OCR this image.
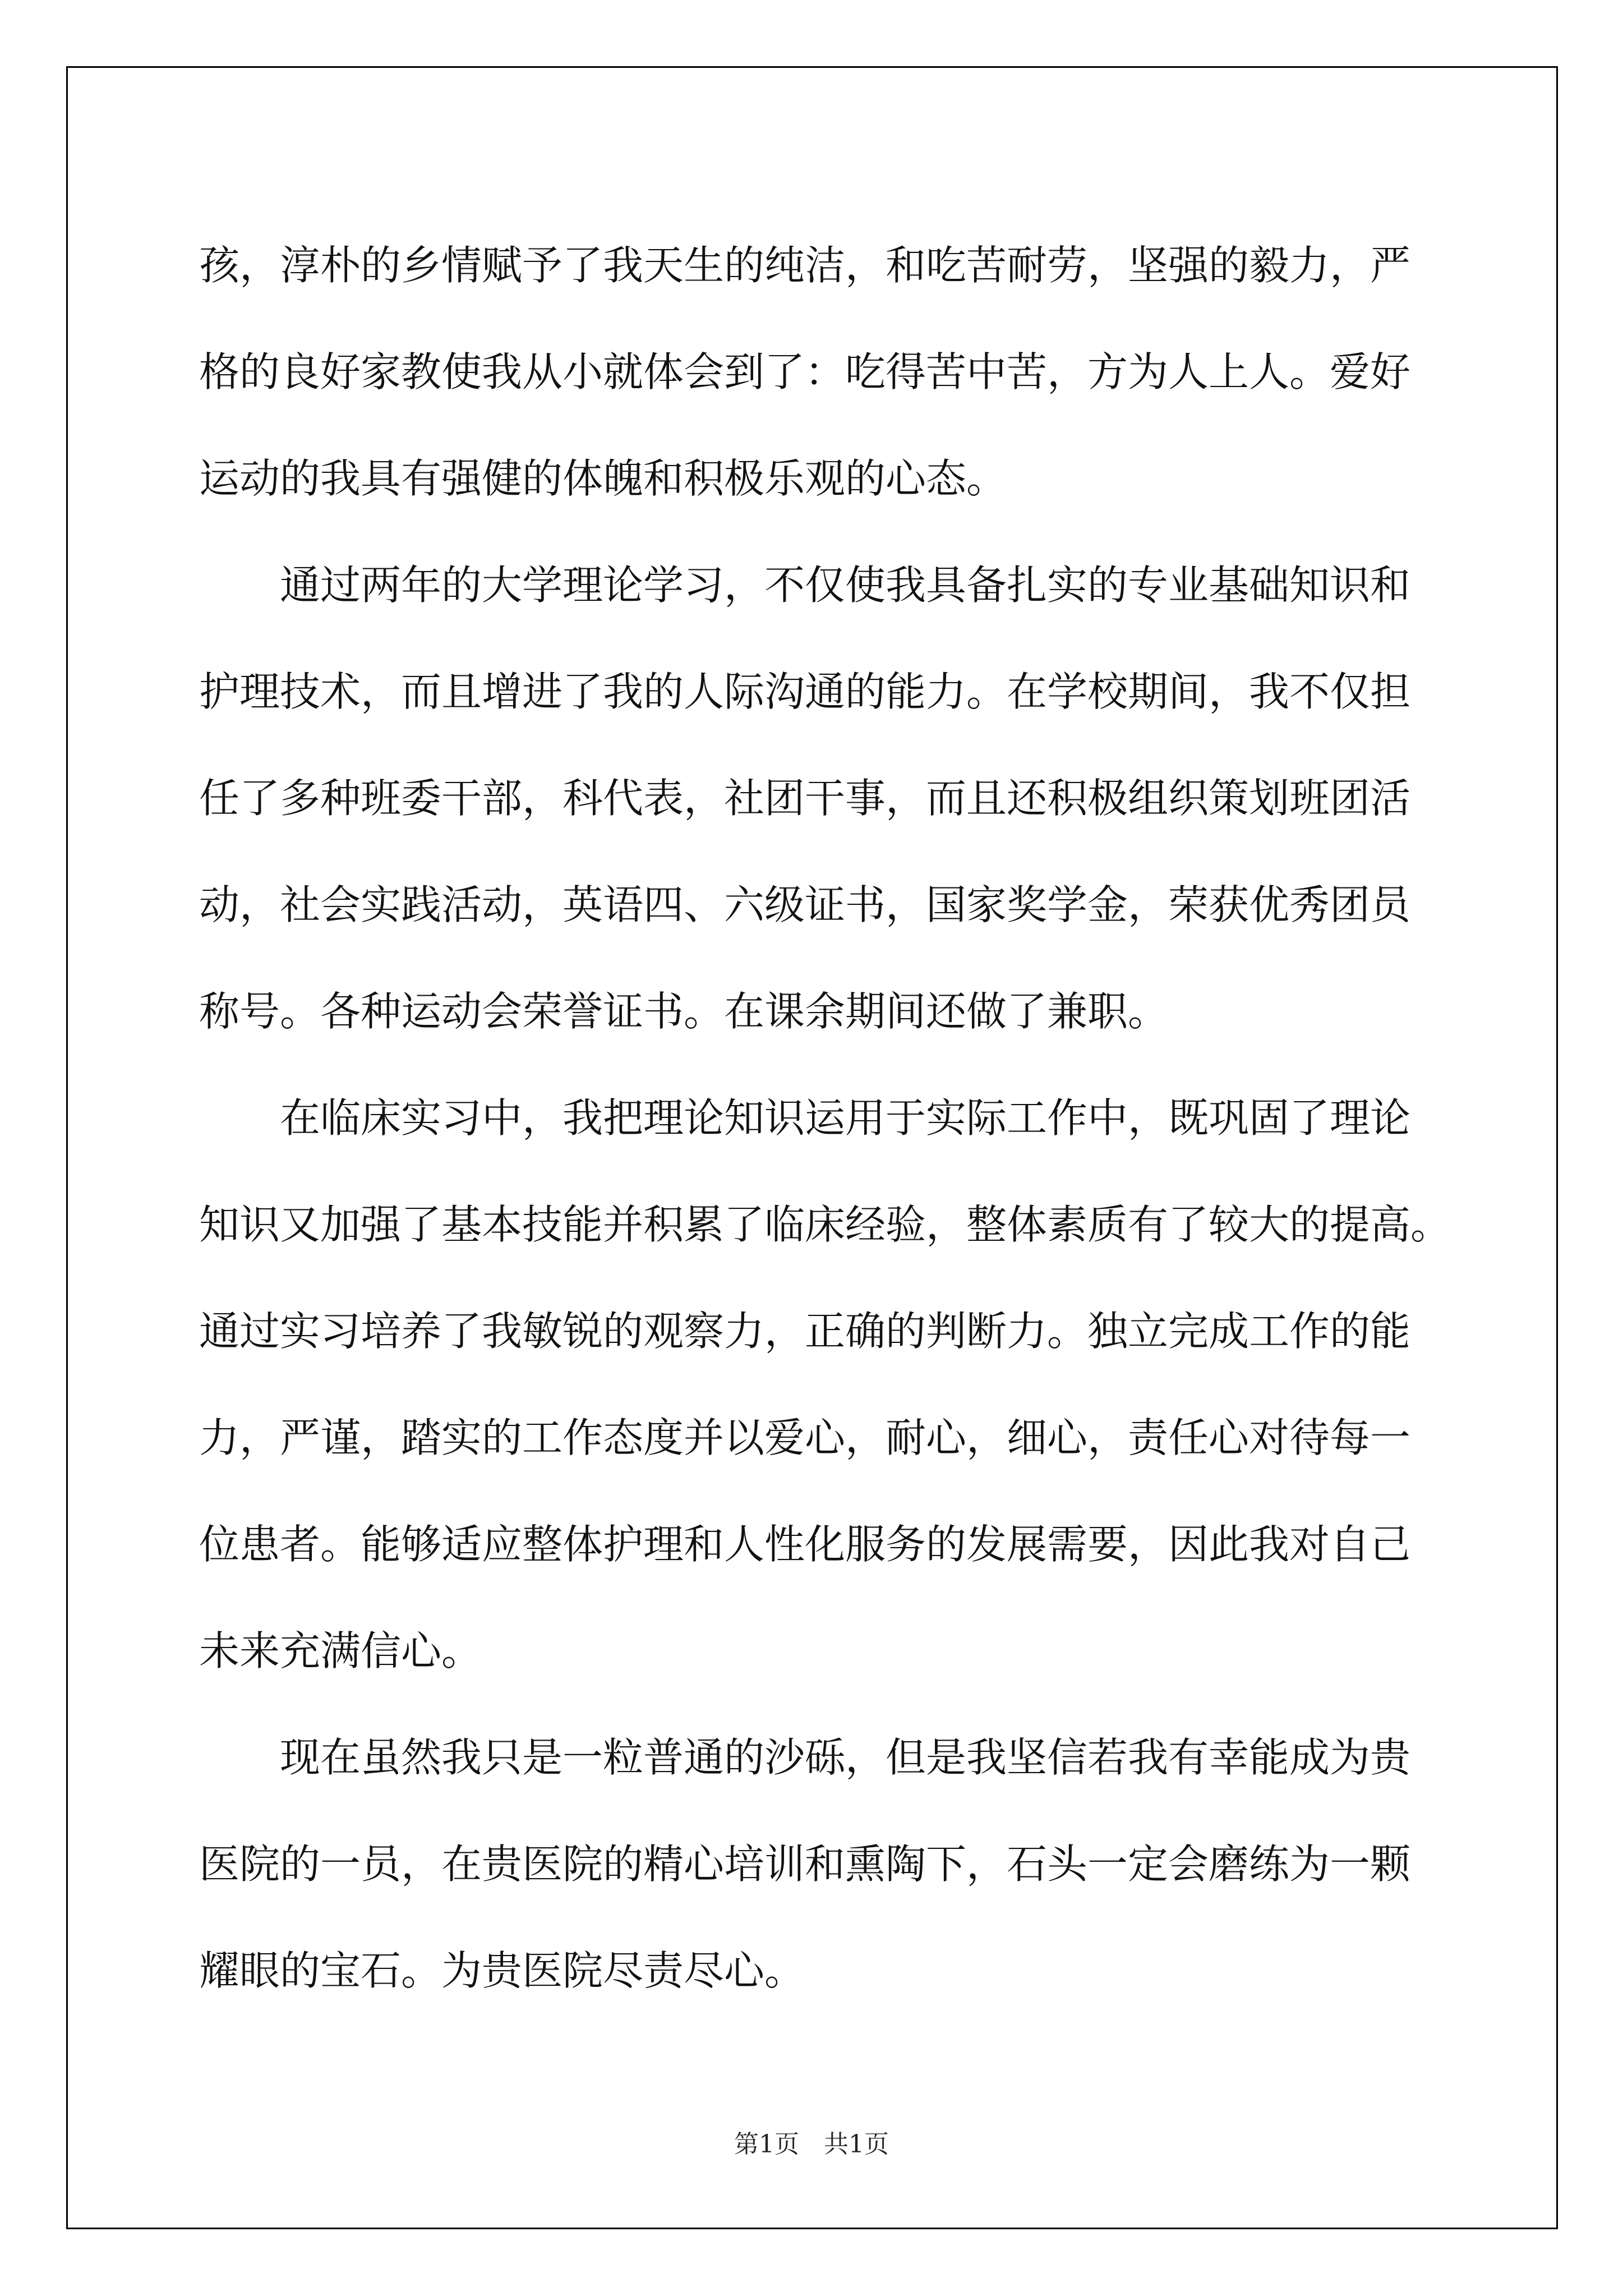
孩，淳朴的乡情赋予了我天生的纯洁，和吃苦耐劳，坚强的毅力，严
格的良好家教使我从小就体会到了：吃得苦中苦，方为人上人。爱好
运动的我具有强健的体魄和积极乐观的心态。
　　通过两年的大学理论学习，不仅使我具备扎实的专业基础知识和
护理技术，而且增进了我的人际沟通的能力。在学校期间，我不仅担
任了多种班委干部，科代表，社团干事，而且还积极组织策划班团活
动，社会实践活动，英语四、六级证书，国家奖学金，荣获优秀团员
称号。各种运动会荣誉证书。在课余期间还做了兼职。
　　在临床实习中，我把理论知识运用于实际工作中，既巩固了理论
知识又加强了基本技能并积累了临床经验，整体素质有了较大的提高。
通过实习培养了我敏锐的观察力，正确的判断力。独立完成工作的能
力，严谨，踏实的工作态度并以爱心，耐心，细心，责任心对待每一
位患者。能够适应整体护理和人性化服务的发展需要，因此我对自己
未来充满信心。
　　现在虽然我只是一粒普通的沙砾，但是我坚信若我有幸能成为贵
医院的一员，在贵医院的精心培训和熏陶下，石头一定会磨练为一颗
耀眼的宝石。为贵医院尽责尽心。
第1页　共1页
